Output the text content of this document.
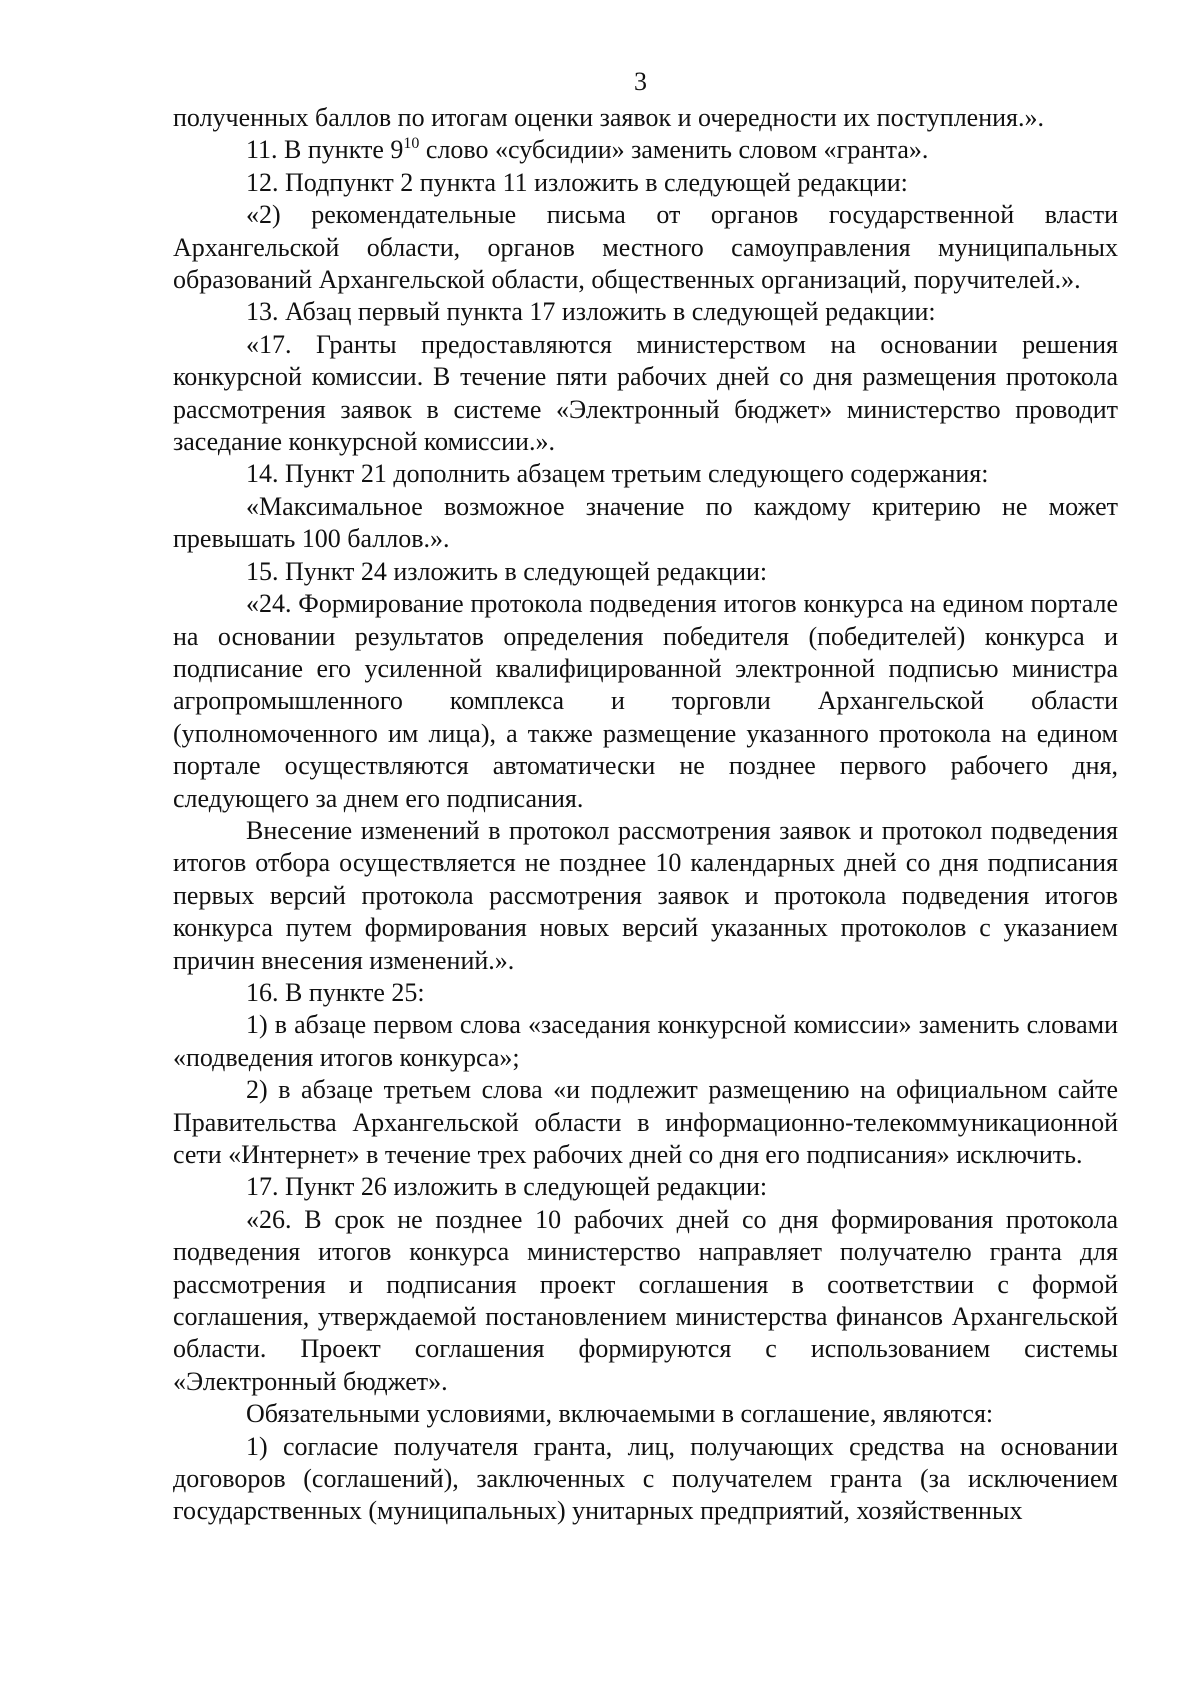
3

полученных баллов по итогам оценки заявок и очередности их поступления.».

11. В пункте $9^{10}$ слово «субсидии» заменить словом «гранта».

12. Подпункт 2 пункта 11 изложить в следующей редакции:

«2) рекомендательные письма от органов государственной власти Архангельской области, органов местного самоуправления муниципальных образований Архангельской области, общественных организаций, поручителей.».

13. Абзац первый пункта 17 изложить в следующей редакции:

«17. Гранты предоставляются министерством на основании решения конкурсной комиссии. В течение пяти рабочих дней со дня размещения протокола рассмотрения заявок в системе «Электронный бюджет» министерство проводит заседание конкурсной комиссии.».

14. Пункт 21 дополнить абзацем третьим следующего содержания:

«Максимальное возможное значение по каждому критерию не может превышать 100 баллов.».

15. Пункт 24 изложить в следующей редакции:

«24. Формирование протокола подведения итогов конкурса на едином портале на основании результатов определения победителя (победителей) конкурса и подписание его усиленной квалифицированной электронной подписью министра агропромышленного комплекса и торговли Архангельской области (уполномоченного им лица), а также размещение указанного протокола на едином портале осуществляются автоматически не позднее первого рабочего дня, следующего за днем его подписания.

Внесение изменений в протокол рассмотрения заявок и протокол подведения итогов отбора осуществляется не позднее 10 календарных дней со дня подписания первых версий протокола рассмотрения заявок и протокола подведения итогов конкурса путем формирования новых версий указанных протоколов с указанием причин внесения изменений.».

16. В пункте 25:

1) в абзаце первом слова «заседания конкурсной комиссии» заменить словами «подведения итогов конкурса»;

2) в абзаце третьем слова «и подлежит размещению на официальном сайте Правительства Архангельской области в информационно-телекоммуникационной сети «Интернет» в течение трех рабочих дней со дня его подписания» исключить.

17. Пункт 26 изложить в следующей редакции:

«26. В срок не позднее 10 рабочих дней со дня формирования протокола подведения итогов конкурса министерство направляет получателю гранта для рассмотрения и подписания проект соглашения в соответствии с формой соглашения, утверждаемой постановлением министерства финансов Архангельской области. Проект соглашения формируются с использованием системы «Электронный бюджет».

Обязательными условиями, включаемыми в соглашение, являются:

1) согласие получателя гранта, лиц, получающих средства на основании договоров (соглашений), заключенных с получателем гранта (за исключением государственных (муниципальных) унитарных предприятий, хозяйственных
